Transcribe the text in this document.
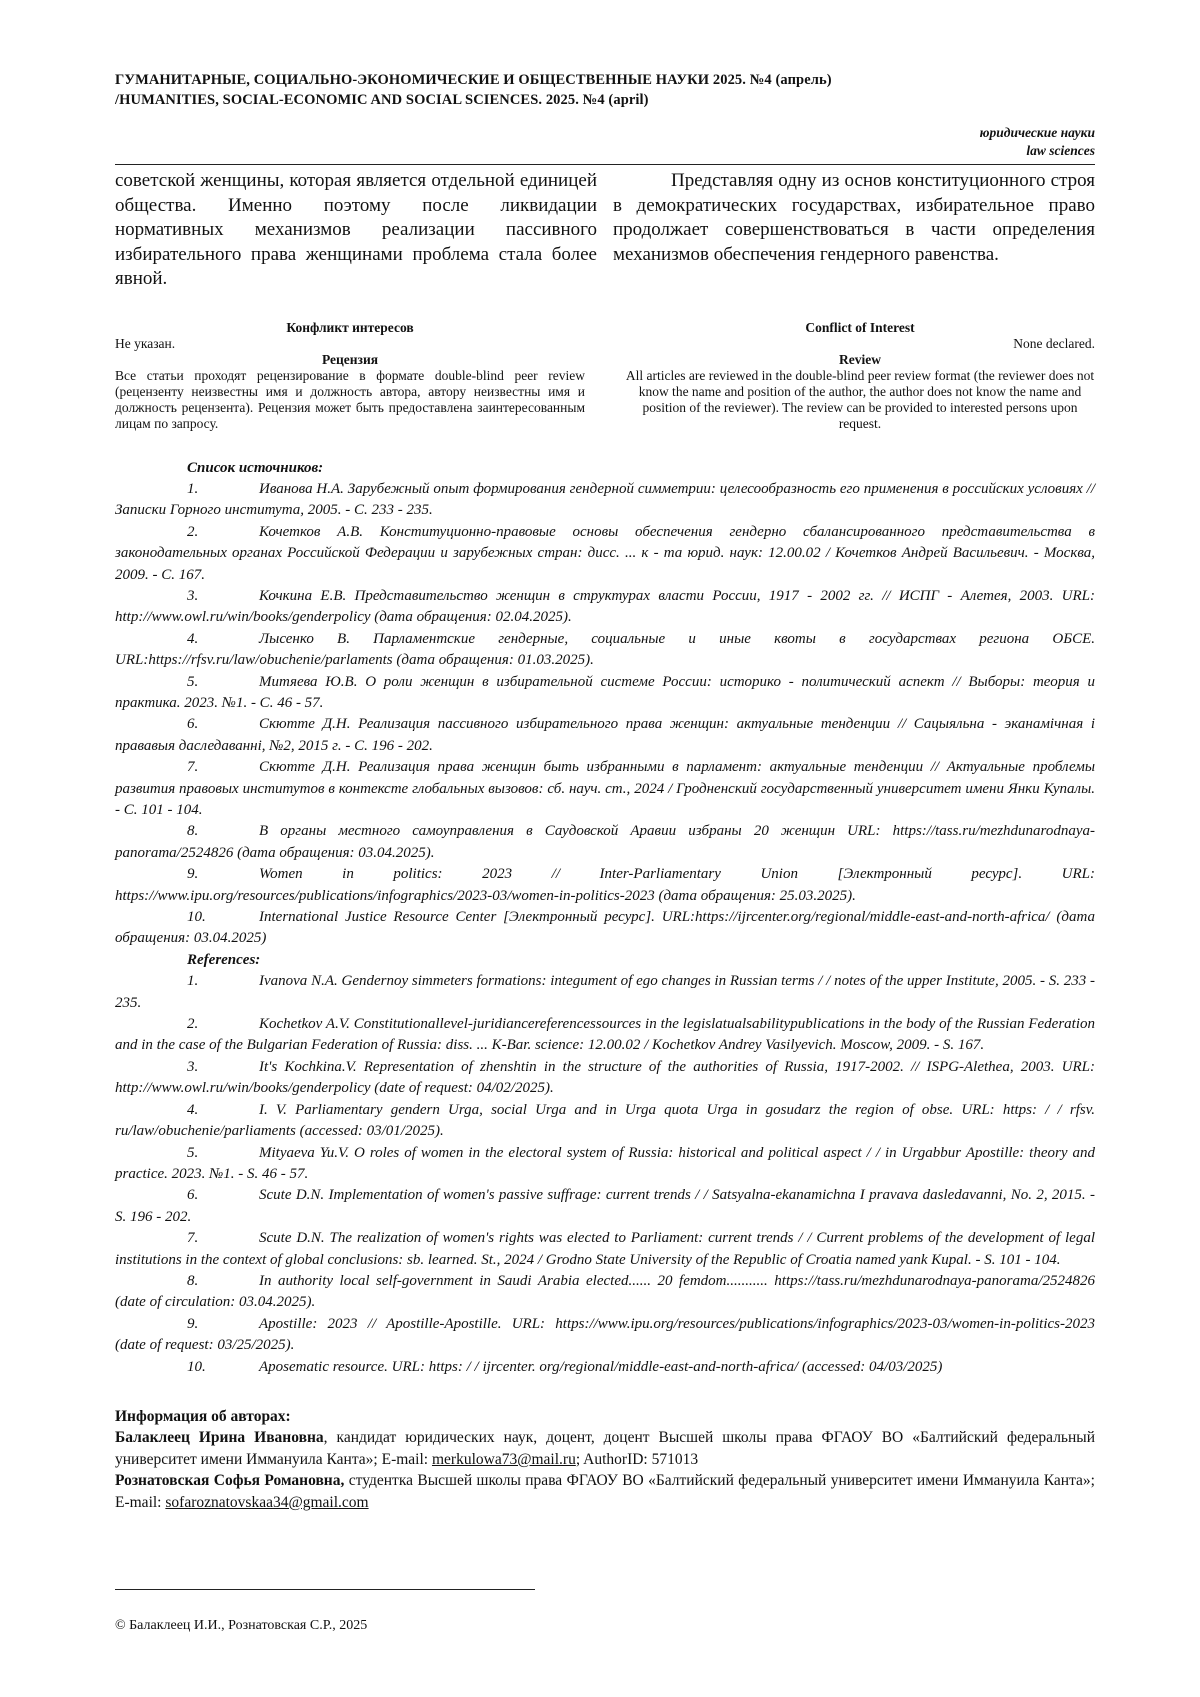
ГУМАНИТАРНЫЕ, СОЦИАЛЬНО-ЭКОНОМИЧЕСКИЕ И ОБЩЕСТВЕННЫЕ НАУКИ 2025. №4 (апрель)
/HUMANITIES, SOCIAL-ECONOMIC AND SOCIAL SCIENCES. 2025. №4 (april)
юридические науки
law sciences

советской женщины, которая является отдельной единицей общества. Именно поэтому после ликвидации нормативных механизмов реализации пассивного избирательного права женщинами проблема стала более явной.

Представляя одну из основ конституционного строя в демократических государствах, избирательное право продолжает совершенствоваться в части определения механизмов обеспечения гендерного равенства.

Конфликт интересов
Не указан.
Рецензия
Все статьи проходят рецензирование в формате double-blind peer review (рецензенту неизвестны имя и должность автора, автору неизвестны имя и должность рецензента). Рецензия может быть предоставлена заинтересованным лицам по запросу.
Conflict of Interest
None declared.
Review
All articles are reviewed in the double-blind peer review format (the reviewer does not know the name and position of the author, the author does not know the name and position of the reviewer). The review can be provided to interested persons upon request.
Список источников:
1.	Иванова Н.А. Зарубежный опыт формирования гендерной симметрии: целесообразность его применения в российских условиях // Записки Горного института, 2005. - С. 233 - 235.
2.	Кочетков А.В. Конституционно-правовые основы обеспечения гендерно сбалансированного представительства в законодательных органах Российской Федерации и зарубежных стран: дисс. ... к - та юрид. наук: 12.00.02 / Кочетков Андрей Васильевич. - Москва, 2009. - С. 167.
3.	Кочкина Е.В. Представительство женщин в структурах власти России, 1917 - 2002 гг. // ИСПГ - Алетея, 2003. URL: http://www.owl.ru/win/books/genderpolicy (дата обращения: 02.04.2025).
4.	Лысенко В. Парламентские гендерные, социальные и иные квоты в государствах региона ОБСЕ. URL:https://rfsv.ru/law/obuchenie/parlaments (дата обращения: 01.03.2025).
5.	Митяева Ю.В. О роли женщин в избирательной системе России: историко - политический аспект // Выборы: теория и практика. 2023. №1. - С. 46 - 57.
6.	Скютте Д.Н. Реализация пассивного избирательного права женщин: актуальные тенденции // Сацыяльна - эканамічная і прававыя даследаванні, №2, 2015 г. - С. 196 - 202.
7.	Скютте Д.Н. Реализация права женщин быть избранными в парламент: актуальные тенденции // Актуальные проблемы развития правовых институтов в контексте глобальных вызовов: сб. науч. ст., 2024 / Гродненский государственный университет имени Янки Купалы. - С. 101 - 104.
8.	В органы местного самоуправления в Саудовской Аравии избраны 20 женщин URL: https://tass.ru/mezhdunarodnaya-panorama/2524826 (дата обращения: 03.04.2025).
9.	Women in politics: 2023 // Inter-Parliamentary Union [Электронный ресурс]. URL: https://www.ipu.org/resources/publications/infographics/2023-03/women-in-politics-2023 (дата обращения: 25.03.2025).
10.	International Justice Resource Center [Электронный ресурс]. URL:https://ijrcenter.org/regional/middle-east-and-north-africa/ (дата обращения: 03.04.2025)
References:
1.	Ivanova N.A. Gendernoy simmeters formations: integument of ego changes in Russian terms / / notes of the upper Institute, 2005. - S. 233 - 235.
2.	Kochetkov A.V. Constitutionallevel-juridiancereferencessources in the legislatualsabilitypublications in the body of the Russian Federation and in the case of the Bulgarian Federation of Russia: diss. ... K-Bar. science: 12.00.02 / Kochetkov Andrey Vasilyevich. Moscow, 2009. - S. 167.
3.	It's Kochkina.V. Representation of zhenshtin in the structure of the authorities of Russia, 1917-2002. // ISPG-Alethea, 2003. URL: http://www.owl.ru/win/books/genderpolicy (date of request: 04/02/2025).
4.	I. V. Parliamentary gendern Urga, social Urga and in Urga quota Urga in gosudarz the region of obse. URL: https: / / rfsv. ru/law/obuchenie/parliaments (accessed: 03/01/2025).
5.	Mityaeva Yu.V. O roles of women in the electoral system of Russia: historical and political aspect / / in Urgabbur Apostille: theory and practice. 2023. №1. - S. 46 - 57.
6.	Scute D.N. Implementation of women's passive suffrage: current trends / / Satsyalna-ekanamichna I pravava dasledavanni, No. 2, 2015. - S. 196 - 202.
7.	Scute D.N. The realization of women's rights was elected to Parliament: current trends / / Current problems of the development of legal institutions in the context of global conclusions: sb. learned. St., 2024 / Grodno State University of the Republic of Croatia named yank Kupal. - S. 101 - 104.
8.	In authority local self-government in Saudi Arabia elected...... 20 femdom........... https://tass.ru/mezhdunarodnaya-panorama/2524826 (date of circulation: 03.04.2025).
9.	Apostille: 2023 // Apostille-Apostille. URL: https://www.ipu.org/resources/publications/infographics/2023-03/women-in-politics-2023 (date of request: 03/25/2025).
10.	Aposematic resource. URL: https: / / ijrcenter. org/regional/middle-east-and-north-africa/ (accessed: 04/03/2025)
Информация об авторах:
Балаклеец Ирина Ивановна, кандидат юридических наук, доцент, доцент Высшей школы права ФГАОУ ВО «Балтийский федеральный университет имени Иммануила Канта»; E-mail: merkulowa73@mail.ru; AuthorID: 571013
Рознатовская Софья Романовна, студентка Высшей школы права ФГАОУ ВО «Балтийский федеральный университет имени Иммануила Канта»; E-mail: sofaroznatovskaa34@gmail.com
© Балаклеец И.И., Рознатовская С.Р., 2025
